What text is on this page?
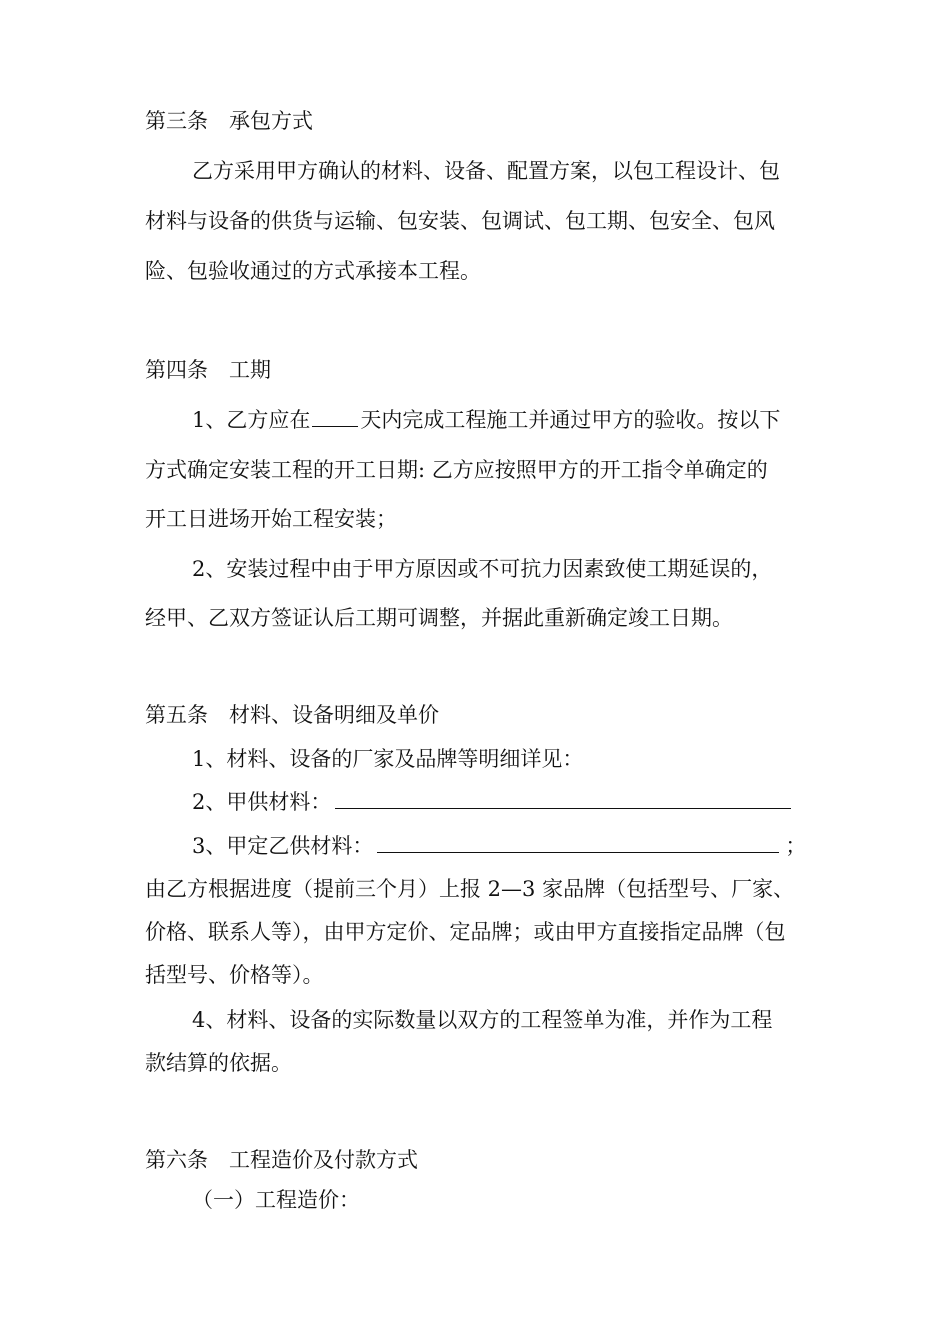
第三条　承包方式
乙方采用甲方确认的材料、设备、配置方案，以包工程设计、包
材料与设备的供货与运输、包安装、包调试、包工期、包安全、包风
险、包验收通过的方式承接本工程。
第四条　工期
1、乙方应在 天内完成工程施工并通过甲方的验收。按以下
方式确定安装工程的开工日期: 乙方应按照甲方的开工指令单确定的
开工日进场开始工程安装；
2、安装过程中由于甲方原因或不可抗力因素致使工期延误的，
经甲、乙双方签证认后工期可调整，并据此重新确定竣工日期。
第五条　材料、设备明细及单价
1、材料、设备的厂家及品牌等明细详见：
2、甲供材料：
3、甲定乙供材料：	；
由乙方根据进度（提前三个月）上报 2—3 家品牌（包括型号、厂家、
价格、联系人等），由甲方定价、定品牌；或由甲方直接指定品牌（包
括型号、价格等）。
4、材料、设备的实际数量以双方的工程签单为准，并作为工程
款结算的依据。
第六条　工程造价及付款方式
（一）工程造价：
